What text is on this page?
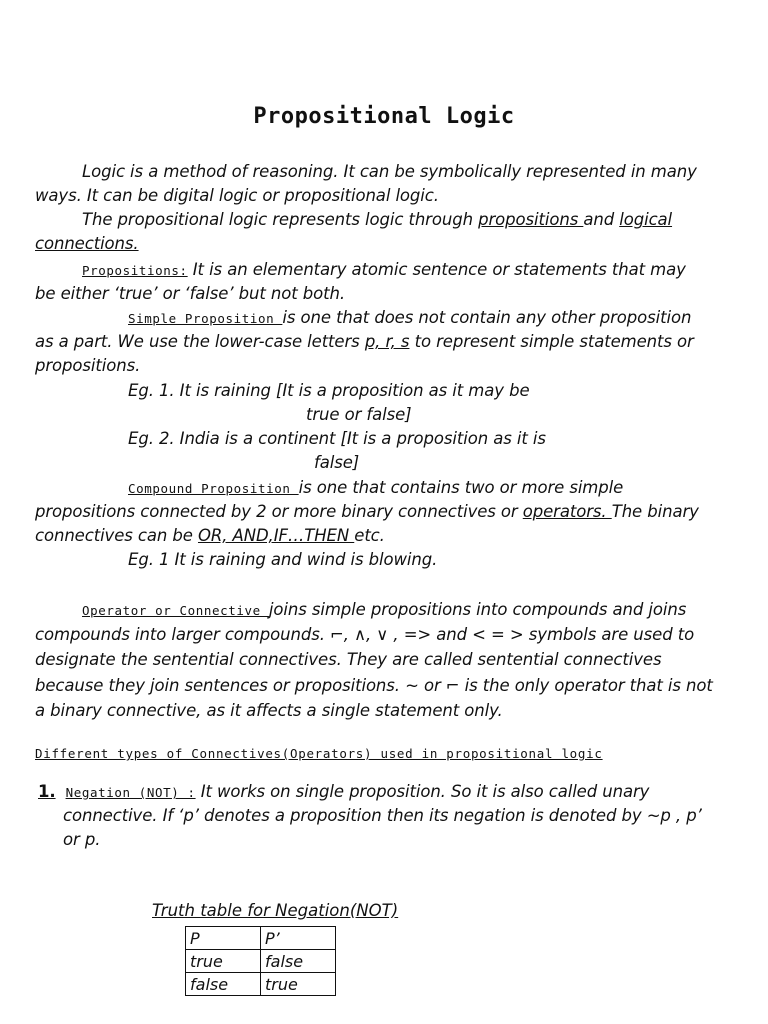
Propositional Logic
Logic is a method of reasoning. It can be symbolically represented in many
ways. It can be digital logic or propositional logic.
The propositional logic represents logic through propositions and logical
connections.
Propositions: It is an elementary atomic sentence or statements that may
be either ‘true’ or ‘false’ but not both.
Simple Proposition is one that does not contain any other proposition
as a part. We use the lower-case letters p, r, s to represent simple statements or
propositions.
Eg. 1. It is raining [It is a proposition as it may be
true or false]
Eg. 2. India is a continent [It is a proposition as it is
false]
Compound Proposition is one that contains two or more simple
propositions connected by 2 or more binary connectives or operators. The binary
connectives can be OR, AND,IF…THEN etc.
Eg. 1 It is raining and wind is blowing.
Operator or Connective joins simple propositions into compounds and joins
compounds into larger compounds. ⌐, ∧, ∨ , => and < = > symbols are used to
designate the sentential connectives. They are called sentential connectives
because they join sentences or propositions. ~ or ⌐ is the only operator that is not
a binary connective, as it affects a single statement only.
Different types of Connectives(Operators) used in propositional logic
1. Negation (NOT) : It works on single proposition. So it is also called unary
connective. If ‘p’ denotes a proposition then its negation is denoted by ~p , p’
or p.
Truth table for Negation(NOT)
P	P’
true	false
false	true
